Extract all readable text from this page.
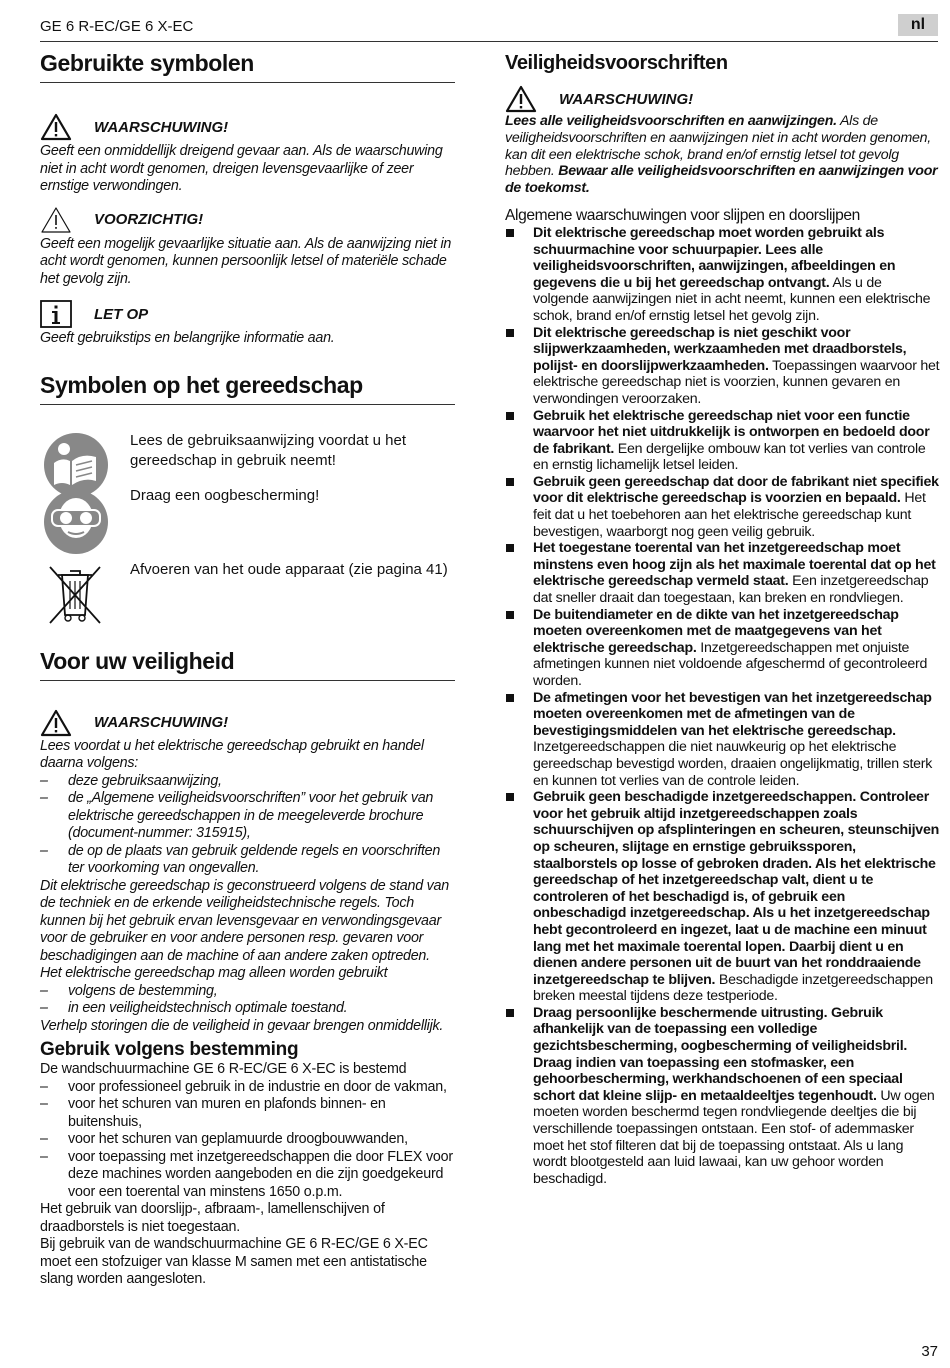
GE 6 R-EC/GE 6 X-EC	nl
Gebruikte symbolen
WAARSCHUWING!

Geeft een onmiddellijk dreigend gevaar aan. Als de waarschuwing niet in acht wordt genomen, dreigen levensgevaarlijke of zeer ernstige verwondingen.

VOORZICHTIG!

Geeft een mogelijk gevaarlijke situatie aan. Als de aanwijzing niet in acht wordt genomen, kunnen persoonlijk letsel of materiële schade het gevolg zijn.

LET OP

Geeft gebruikstips en belangrijke informatie aan.

Symbolen op het gereedschap
Lees de gebruiksaanwijzing voordat u het gereedschap in gebruik neemt!
Draag een oogbescherming!
Afvoeren van het oude apparaat (zie pagina 41)
Voor uw veiligheid
WAARSCHUWING!

Lees voordat u het elektrische gereedschap gebruikt en handel daarna volgens:

–	deze gebruiksaanwijzing,
–	de „Algemene veiligheidsvoorschriften” voor het gebruik van elektrische gereedschappen in de meegeleverde brochure (document-nummer: 315915),
–	de op de plaats van gebruik geldende regels en voorschriften ter voorkoming van ongevallen.

Dit elektrische gereedschap is geconstrueerd volgens de stand van de techniek en de erkende veiligheidstechnische regels. Toch kunnen bij het gebruik ervan levensgevaar en verwondingsgevaar voor de gebruiker en voor andere personen resp. gevaren voor beschadigingen aan de machine of aan andere zaken optreden.

Het elektrische gereedschap mag alleen worden gebruikt

–	volgens de bestemming,
–	in een veiligheidstechnisch optimale toestand.

Verhelp storingen die de veiligheid in gevaar brengen onmiddellijk.

Gebruik volgens bestemming

De wandschuurmachine GE 6 R-EC/GE 6 X-EC is bestemd

–	voor professioneel gebruik in de industrie en door de vakman,
–	voor het schuren van muren en plafonds binnen- en buitenshuis,
–	voor het schuren van geplamuurde droogbouwwanden,
–	voor toepassing met inzetgereedschappen die door FLEX voor deze machines worden aangeboden en die zijn goedgekeurd voor een toerental van minstens 1650 o.p.m.

Het gebruik van doorslijp-, afbraam-, lamellenschijven of draadborstels is niet toegestaan.

Bij gebruik van de wandschuurmachine GE 6 R-EC/GE 6 X-EC moet een stofzuiger van klasse M samen met een antistatische slang worden aangesloten.

Veiligheidsvoorschriften
WAARSCHUWING!

Lees alle veiligheidsvoorschriften en aanwijzingen. Als de veiligheidsvoorschriften en aanwijzingen niet in acht worden genomen, kan dit een elektrische schok, brand en/of ernstig letsel tot gevolg hebben. Bewaar alle veiligheidsvoorschriften en aanwijzingen voor de toekomst.

Algemene waarschuwingen voor slijpen en doorslijpen
Dit elektrische gereedschap moet worden gebruikt als schuurmachine voor schuurpapier. Lees alle veiligheidsvoorschriften, aanwijzingen, afbeeldingen en gegevens die u bij het gereedschap ontvangt. Als u de volgende aanwijzingen niet in acht neemt, kunnen een elektrische schok, brand en/of ernstig letsel het gevolg zijn.
Dit elektrische gereedschap is niet geschikt voor slijpwerkzaamheden, werkzaamheden met draadborstels, polijst- en doorslijpwerkzaamheden. Toepassingen waarvoor het elektrische gereedschap niet is voorzien, kunnen gevaren en verwondingen veroorzaken.
Gebruik het elektrische gereedschap niet voor een functie waarvoor het niet uitdrukkelijk is ontworpen en bedoeld door de fabrikant. Een dergelijke ombouw kan tot verlies van controle en ernstig lichamelijk letsel leiden.
Gebruik geen gereedschap dat door de fabrikant niet specifiek voor dit elektrische gereedschap is voorzien en bepaald. Het feit dat u het toebehoren aan het elektrische gereedschap kunt bevestigen, waarborgt nog geen veilig gebruik.
Het toegestane toerental van het inzetgereedschap moet minstens even hoog zijn als het maximale toerental dat op het elektrische gereedschap vermeld staat. Een inzetgereedschap dat sneller draait dan toegestaan, kan breken en rondvliegen.
De buitendiameter en de dikte van het inzetgereedschap moeten overeenkomen met de maatgegevens van het elektrische gereedschap. Inzetgereedschappen met onjuiste afmetingen kunnen niet voldoende afgeschermd of gecontroleerd worden.
De afmetingen voor het bevestigen van het inzetgereedschap moeten overeenkomen met de afmetingen van de bevestigingsmiddelen van het elektrische gereedschap. Inzetgereedschappen die niet nauwkeurig op het elektrische gereedschap bevestigd worden, draaien ongelijkmatig, trillen sterk en kunnen tot verlies van de controle leiden.
Gebruik geen beschadigde inzetgereedschappen. Controleer voor het gebruik altijd inzetgereedschappen zoals schuurschijven op afsplinteringen en scheuren, steunschijven op scheuren, slijtage en ernstige gebruikssporen, staalborstels op losse of gebroken draden. Als het elektrische gereedschap of het inzetgereedschap valt, dient u te controleren of het beschadigd is, of gebruik een onbeschadigd inzetgereedschap. Als u het inzetgereedschap hebt gecontroleerd en ingezet, laat u de machine een minuut lang met het maximale toerental lopen. Daarbij dient u en dienen andere personen uit de buurt van het ronddraaiende inzetgereedschap te blijven. Beschadigde inzetgereedschappen breken meestal tijdens deze testperiode.
Draag persoonlijke beschermende uitrusting. Gebruik afhankelijk van de toepassing een volledige gezichtsbescherming, oogbescherming of veiligheidsbril. Draag indien van toepassing een stofmasker, een gehoorbescherming, werkhandschoenen of een speciaal schort dat kleine slijp- en metaaldeeltjes tegenhoudt. Uw ogen moeten worden beschermd tegen rondvliegende deeltjes die bij verschillende toepassingen ontstaan. Een stof- of ademmasker moet het stof filteren dat bij de toepassing ontstaat. Als u lang wordt blootgesteld aan luid lawaai, kan uw gehoor worden beschadigd.
37
